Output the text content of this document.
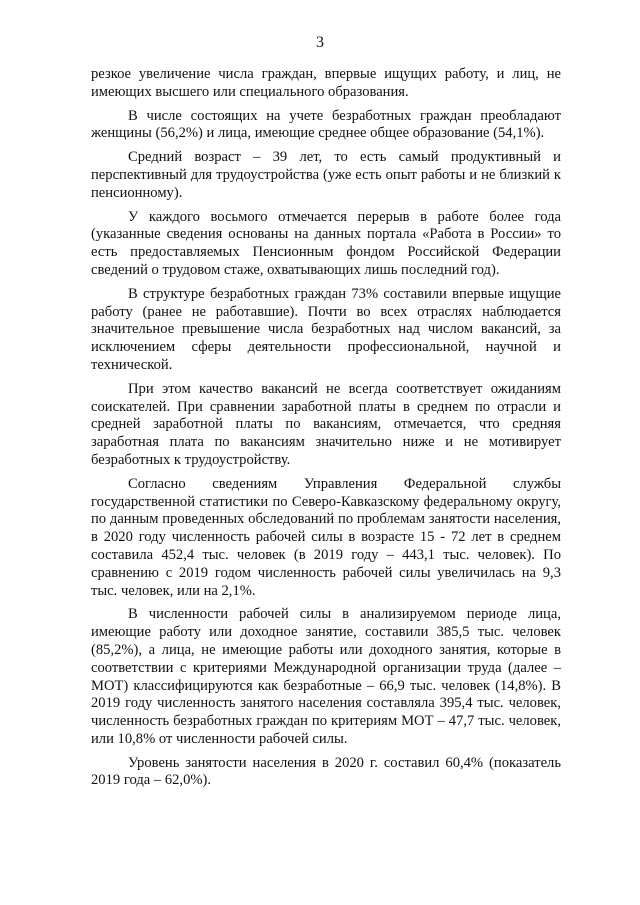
3

резкое увеличение числа граждан, впервые ищущих работу, и лиц, не имеющих высшего или специального образования.

В числе состоящих на учете безработных граждан преобладают женщины (56,2%) и лица, имеющие среднее общее образование (54,1%).

Средний возраст – 39 лет, то есть самый продуктивный и перспективный для трудоустройства (уже есть опыт работы и не близкий к пенсионному).

У каждого восьмого отмечается перерыв в работе более года (указанные сведения основаны на данных портала «Работа в России» то есть предоставляемых Пенсионным фондом Российской Федерации сведений о трудовом стаже, охватывающих лишь последний год).

В структуре безработных граждан 73% составили впервые ищущие работу (ранее не работавшие). Почти во всех отраслях наблюдается значительное превышение числа безработных над числом вакансий, за исключением сферы деятельности профессиональной, научной и технической.

При этом качество вакансий не всегда соответствует ожиданиям соискателей. При сравнении заработной платы в среднем по отрасли и средней заработной платы по вакансиям, отмечается, что средняя заработная плата по вакансиям значительно ниже и не мотивирует безработных к трудоустройству.

Согласно сведениям Управления Федеральной службы государственной статистики по Северо-Кавказскому федеральному округу, по данным проведенных обследований по проблемам занятости населения, в 2020 году численность рабочей силы в возрасте 15 - 72 лет в среднем составила 452,4 тыс. человек (в 2019 году – 443,1 тыс. человек). По сравнению с 2019 годом численность рабочей силы увеличилась на 9,3 тыс. человек, или на 2,1%.

В численности рабочей силы в анализируемом периоде лица, имеющие работу или доходное занятие, составили 385,5 тыс. человек (85,2%), а лица, не имеющие работы или доходного занятия, которые в соответствии с критериями Международной организации труда (далее – МОТ) классифицируются как безработные – 66,9 тыс. человек (14,8%). В 2019 году численность занятого населения составляла 395,4 тыс. человек, численность безработных граждан по критериям МОТ – 47,7 тыс. человек, или 10,8% от численности рабочей силы.

Уровень занятости населения в 2020 г. составил 60,4% (показатель 2019 года – 62,0%).
